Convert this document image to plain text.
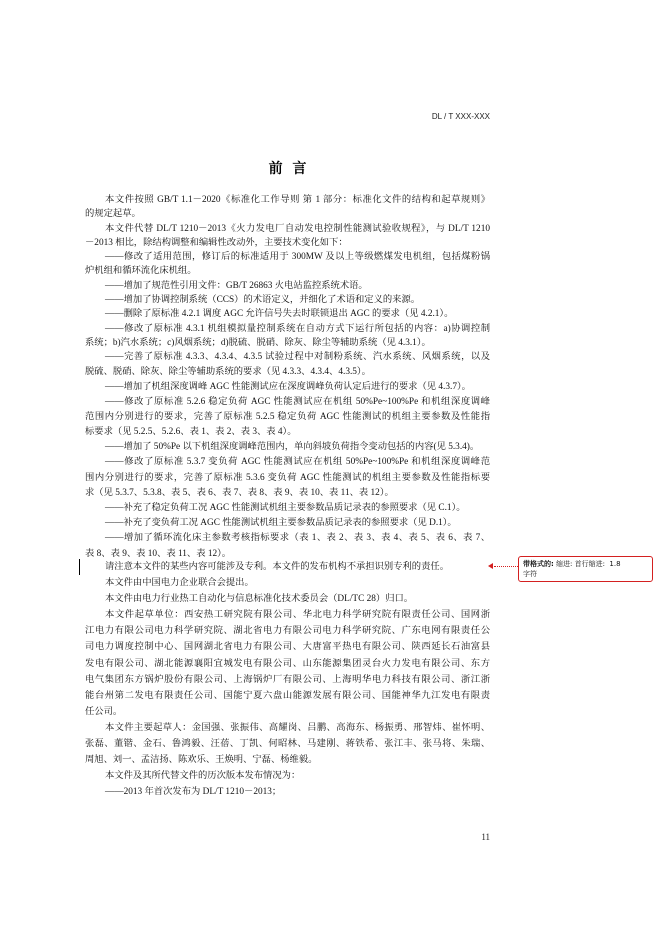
DL / T XXX-XXX
前  言
本文件按照 GB/T 1.1－2020《标准化工作导则 第 1 部分：标准化文件的结构和起草规则》
的规定起草。
本文件代替 DL/T 1210－2013《火力发电厂自动发电控制性能测试验收规程》，与 DL/T 1210
－2013 相比，除结构调整和编辑性改动外，主要技术变化如下：
——修改了适用范围，修订后的标准适用于 300MW 及以上等级燃煤发电机组，包括煤粉锅
炉机组和循环流化床机组。
——增加了规范性引用文件：GB/T 26863 火电站监控系统术语。
——增加了协调控制系统（CCS）的术语定义，并细化了术语和定义的来源。
——删除了原标准 4.2.1 调度 AGC 允许信号失去时联锁退出 AGC 的要求（见 4.2.1）。
——修改了原标准 4.3.1 机组模拟量控制系统在自动方式下运行所包括的内容：a)协调控制
系统；b)汽水系统；c)风烟系统；d)脱硫、脱硝、除灰、除尘等辅助系统（见 4.3.1）。
——完善了原标准 4.3.3、4.3.4、4.3.5 试验过程中对制粉系统、汽水系统、风烟系统，以及
脱硫、脱硝、除灰、除尘等辅助系统的要求（见 4.3.3、4.3.4、4.3.5）。
——增加了机组深度调峰 AGC 性能测试应在深度调峰负荷认定后进行的要求（见 4.3.7）。
——修改了原标准 5.2.6 稳定负荷 AGC 性能测试应在机组 50%Pe~100%Pe 和机组深度调峰
范围内分别进行的要求，完善了原标准 5.2.5 稳定负荷 AGC 性能测试的机组主要参数及性能指
标要求（见 5.2.5、5.2.6、表 1、表 2、表 3、表 4）。
——增加了 50%Pe 以下机组深度调峰范围内，单向斜坡负荷指令变动包括的内容(见 5.3.4)。
——修改了原标准 5.3.7 变负荷 AGC 性能测试应在机组 50%Pe~100%Pe 和机组深度调峰范
围内分别进行的要求，完善了原标准 5.3.6 变负荷 AGC 性能测试的机组主要参数及性能指标要
求（见 5.3.7、5.3.8、表 5、表 6、表 7、表 8、表 9、表 10、表 11、表 12）。
——补充了稳定负荷工况 AGC 性能测试机组主要参数品质记录表的参照要求（见 C.1）。
——补充了变负荷工况 AGC 性能测试机组主要参数品质记录表的参照要求（见 D.1）。
——增加了循环流化床主参数考核指标要求（表 1、表 2、表 3、表 4、表 5、表 6、表 7、
表 8、表 9、表 10、表 11、表 12）。
请注意本文件的某些内容可能涉及专利。本文件的发布机构不承担识别专利的责任。
本文件由中国电力企业联合会提出。
本文件由电力行业热工自动化与信息标准化技术委员会（DL/TC 28）归口。
本文件起草单位：西安热工研究院有限公司、华北电力科学研究院有限责任公司、国网浙
江电力有限公司电力科学研究院、湖北省电力有限公司电力科学研究院、广东电网有限责任公
司电力调度控制中心、国网湖北省电力有限公司、大唐富平热电有限公司、陕西延长石油富县
发电有限公司、湖北能源襄阳宜城发电有限公司、山东能源集团灵台火力发电有限公司、东方
电气集团东方锅炉股份有限公司、上海锅炉厂有限公司、上海明华电力科技有限公司、浙江浙
能台州第二发电有限责任公司、国能宁夏六盘山能源发展有限公司、国能神华九江发电有限责
任公司。
本文件主要起草人：金国强、张振伟、高耀岗、吕鹏、高海东、杨振勇、邢智炜、崔怀明、
张磊、董锴、金石、鲁鸿毅、汪蓓、丁凯、何昭林、马建刚、蒋铁希、张江丰、张马将、朱瑞、
周旭、刘一、孟洁扬、陈欢乐、王焕明、宁磊、杨维毅。
本文件及其所代替文件的历次版本发布情况为：
——2013 年首次发布为 DL/T 1210－2013；
带格式的: 缩进: 首行缩进:  1.8
字符
11
